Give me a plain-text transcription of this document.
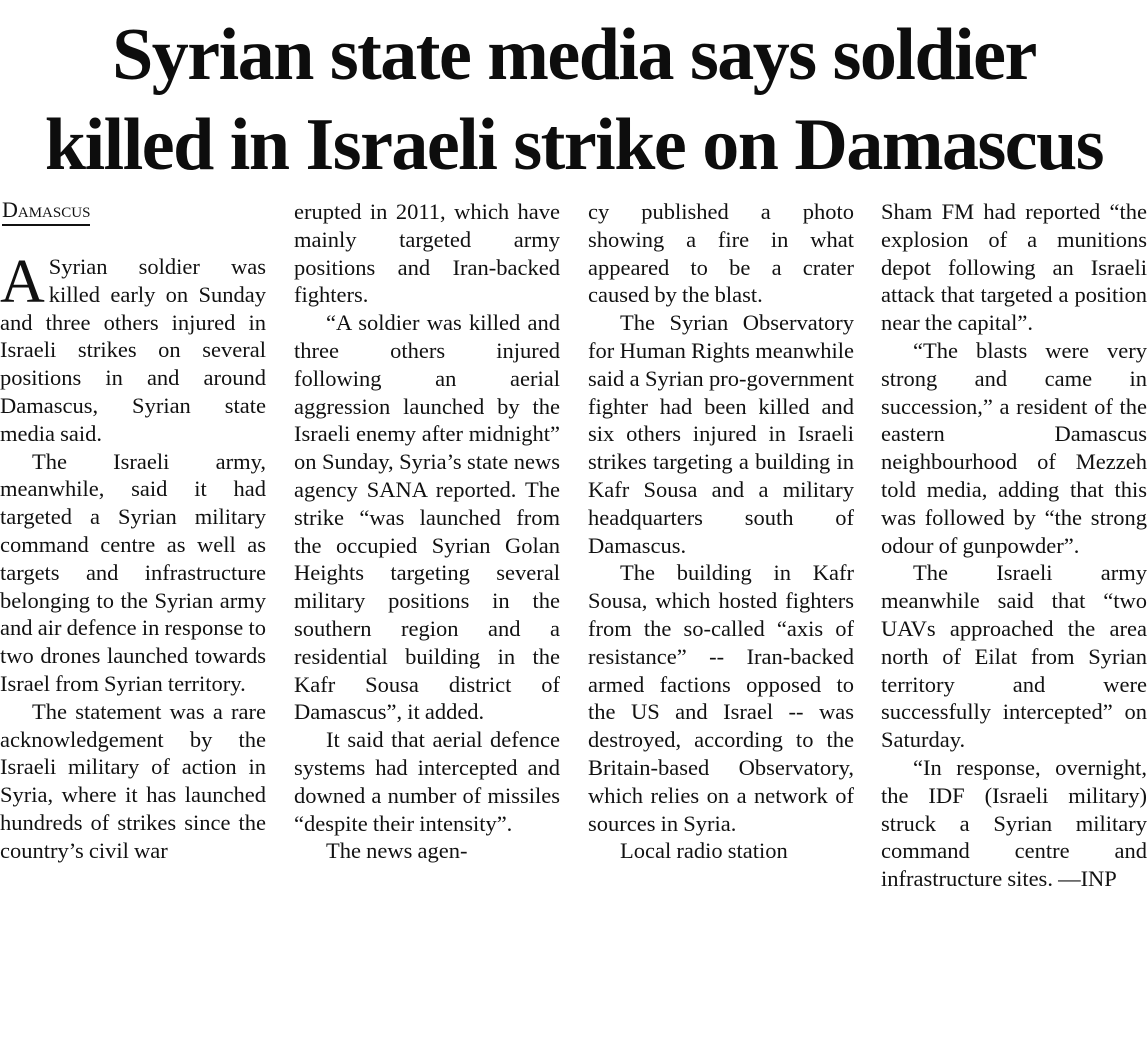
Syrian state media says soldier
killed in Israeli strike on Damascus
Damascus

A Syrian soldier was killed early on Sunday and three others injured in Israeli strikes on several positions in and around Damascus, Syrian state media said.

The Israeli army, meanwhile, said it had targeted a Syrian military command centre as well as targets and infrastructure belonging to the Syrian army and air defence in response to two drones launched towards Israel from Syrian territory.

The statement was a rare acknowledgement by the Israeli military of action in Syria, where it has launched hundreds of strikes since the country’s civil war

erupted in 2011, which have mainly targeted army positions and Iran-backed fighters.

“A soldier was killed and three others injured following an aerial aggression launched by the Israeli enemy after midnight” on Sunday, Syria’s state news agency SANA reported. The strike “was launched from the occupied Syrian Golan Heights targeting several military positions in the southern region and a residential building in the Kafr Sousa district of Damascus”, it added.

It said that aerial defence systems had intercepted and downed a number of missiles “despite their intensity”.

The news agen-

cy published a photo showing a fire in what appeared to be a crater caused by the blast.

The Syrian Observatory for Human Rights meanwhile said a Syrian pro-government fighter had been killed and six others injured in Israeli strikes targeting a building in Kafr Sousa and a military headquarters south of Damascus.

The building in Kafr Sousa, which hosted fighters from the so-called “axis of resistance” -- Iran-backed armed factions opposed to the US and Israel -- was destroyed, according to the Britain-based Observatory, which relies on a network of sources in Syria.

Local radio station

Sham FM had reported “the explosion of a munitions depot following an Israeli attack that targeted a position near the capital”.

“The blasts were very strong and came in succession,” a resident of the eastern Damascus neighbourhood of Mezzeh told media, adding that this was followed by “the strong odour of gunpowder”.

The Israeli army meanwhile said that “two UAVs approached the area north of Eilat from Syrian territory and were successfully intercepted” on Saturday.

“In response, overnight, the IDF (Israeli military) struck a Syrian military command centre and infrastructure sites. —INP
